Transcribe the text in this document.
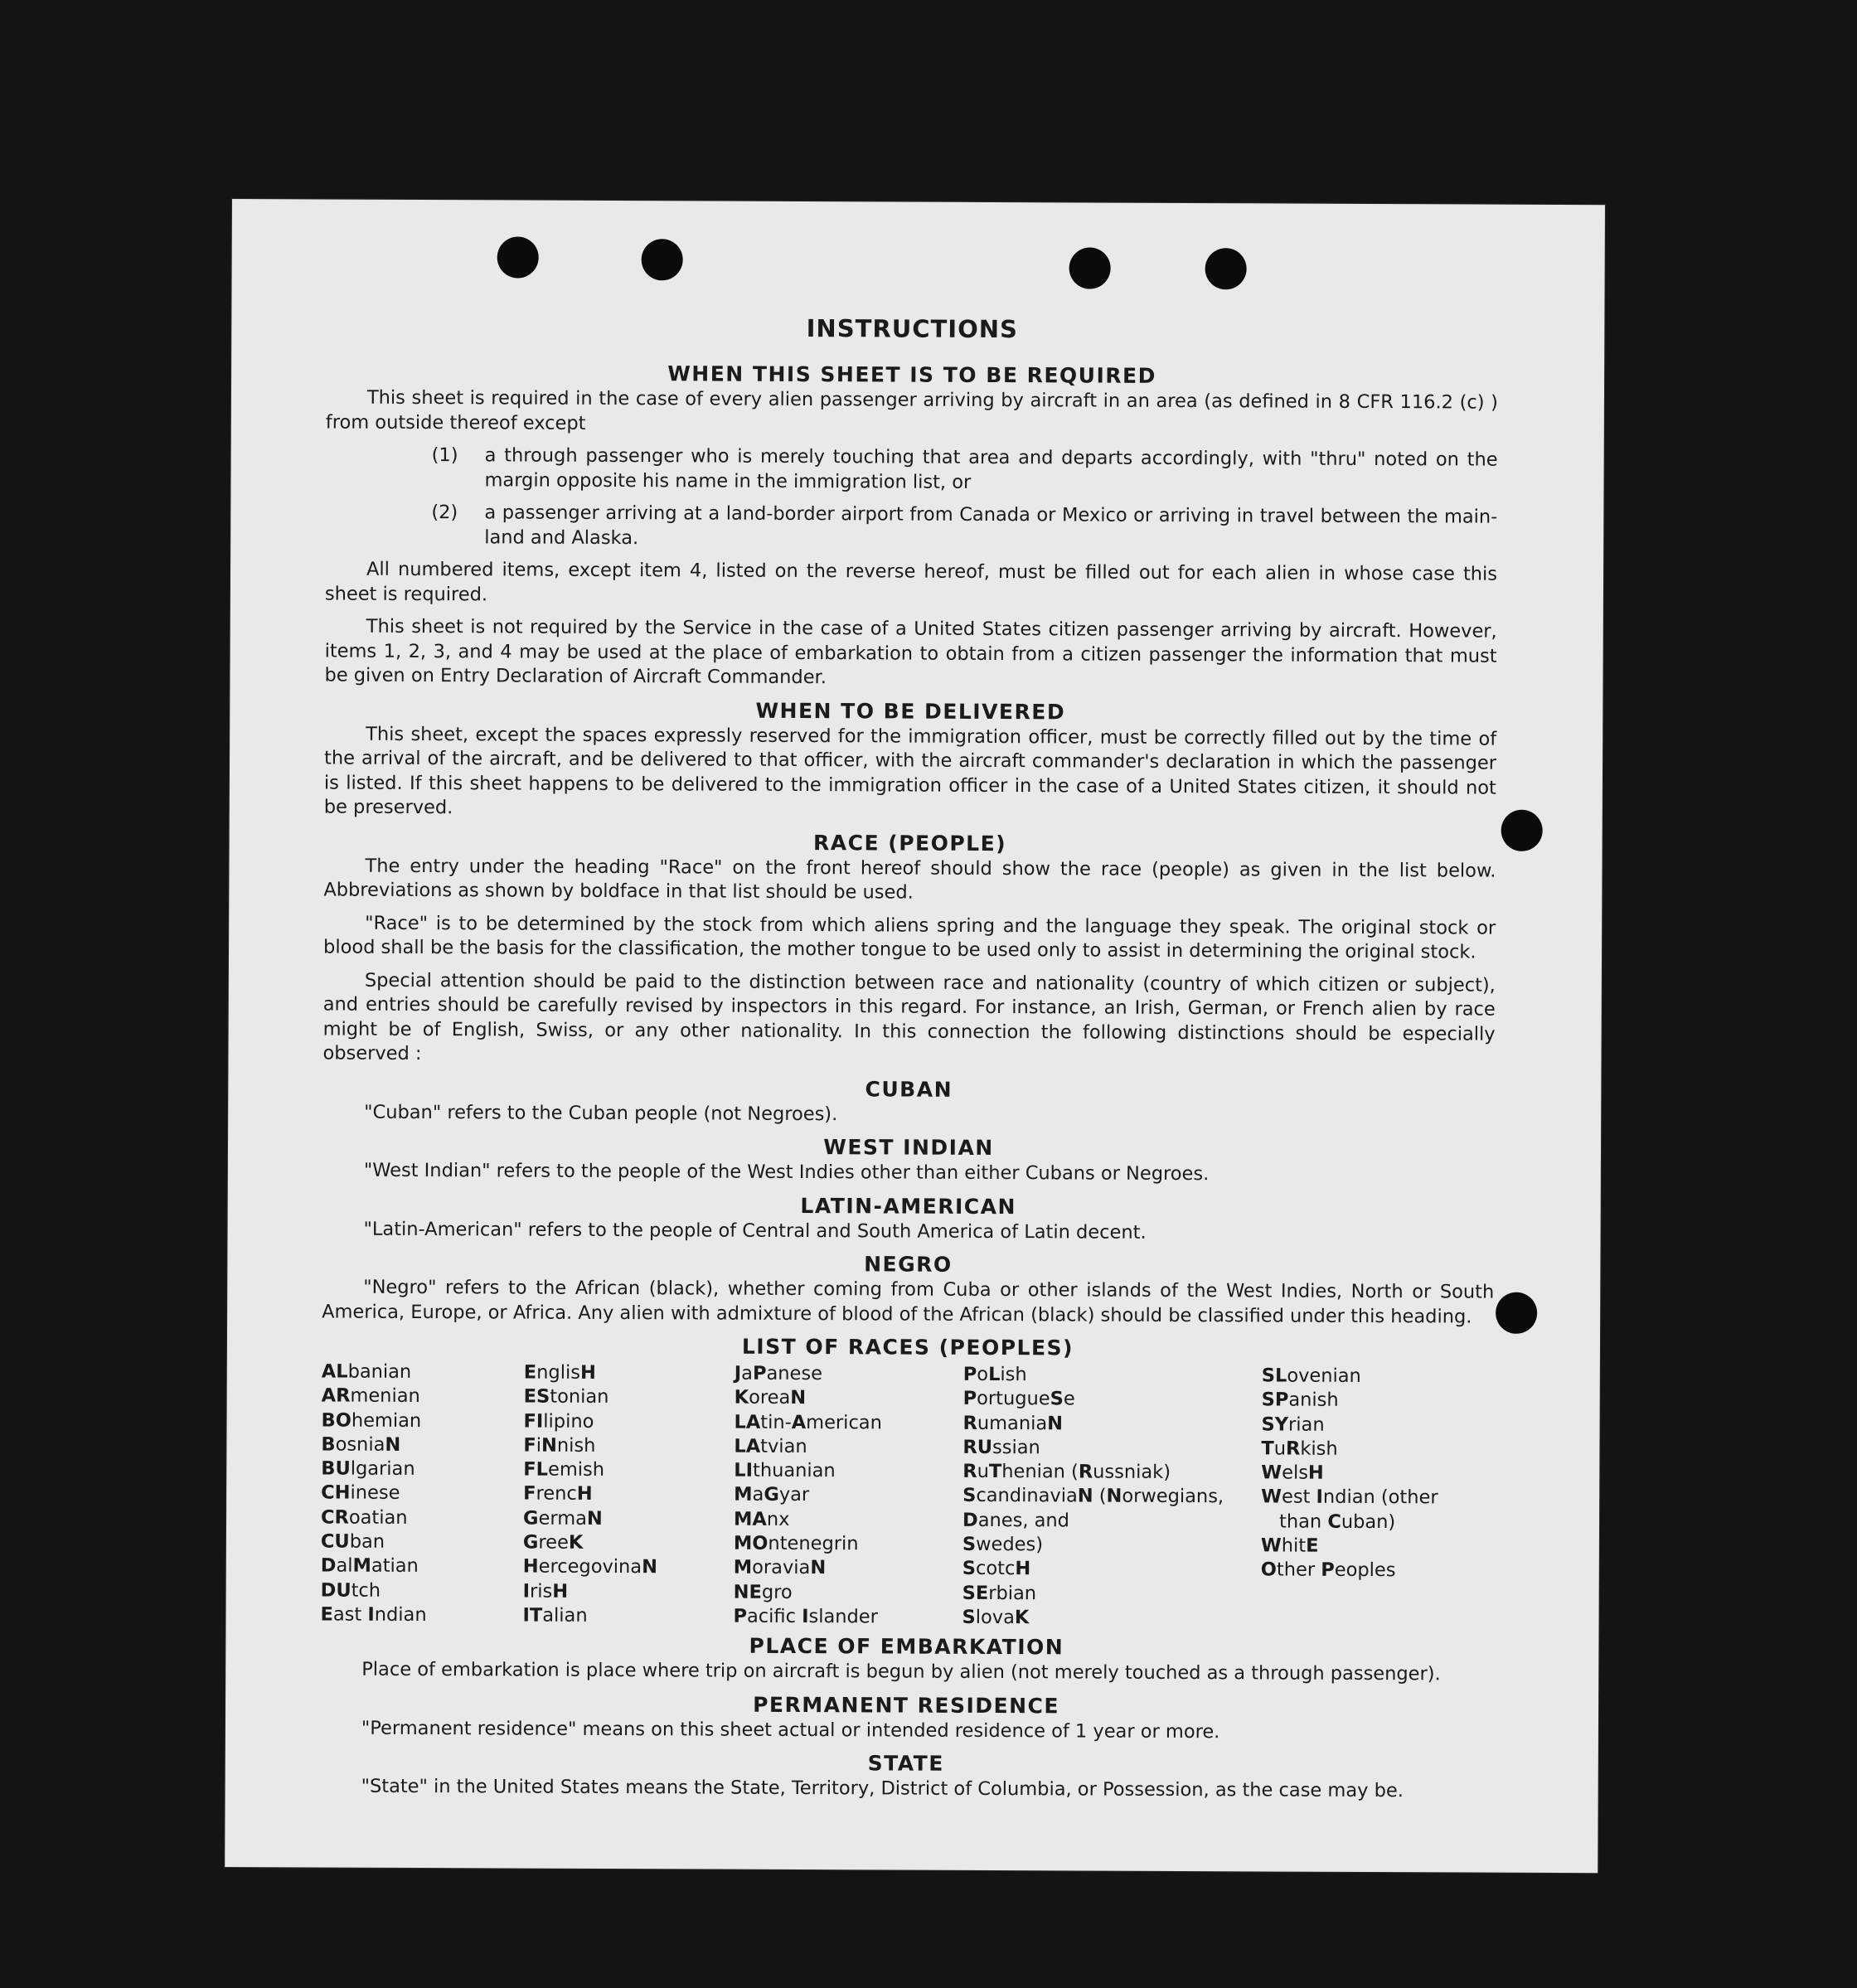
INSTRUCTIONS
WHEN THIS SHEET IS TO BE REQUIRED

This sheet is required in the case of every alien passenger arriving by aircraft in an area (as defined in 8 CFR 116.2 (c) ) from outside thereof except

(1)	a through passenger who is merely touching that area and departs accordingly, with "thru" noted on the margin opposite his name in the immigration list, or
(2)	a passenger arriving at a land-border airport from Canada or Mexico or arriving in travel between the main-land and Alaska.

All numbered items, except item 4, listed on the reverse hereof, must be filled out for each alien in whose case this sheet is required.

This sheet is not required by the Service in the case of a United States citizen passenger arriving by aircraft. However, items 1, 2, 3, and 4 may be used at the place of embarkation to obtain from a citizen passenger the information that must be given on Entry Declaration of Aircraft Commander.

WHEN TO BE DELIVERED

This sheet, except the spaces expressly reserved for the immigration officer, must be correctly filled out by the time of the arrival of the aircraft, and be delivered to that officer, with the aircraft commander's declaration in which the passenger is listed. If this sheet happens to be delivered to the immigration officer in the case of a United States citizen, it should not be preserved.

RACE (PEOPLE)

The entry under the heading "Race" on the front hereof should show the race (people) as given in the list below. Abbreviations as shown by boldface in that list should be used.

"Race" is to be determined by the stock from which aliens spring and the language they speak. The original stock or blood shall be the basis for the classification, the mother tongue to be used only to assist in determining the original stock.

Special attention should be paid to the distinction between race and nationality (country of which citizen or subject), and entries should be carefully revised by inspectors in this regard. For instance, an Irish, German, or French alien by race might be of English, Swiss, or any other nationality. In this connection the following distinctions should be especially observed :

CUBAN

"Cuban" refers to the Cuban people (not Negroes).

WEST INDIAN

"West Indian" refers to the people of the West Indies other than either Cubans or Negroes.

LATIN-AMERICAN

"Latin-American" refers to the people of Central and South America of Latin decent.

NEGRO

"Negro" refers to the African (black), whether coming from Cuba or other islands of the West Indies, North or South America, Europe, or Africa. Any alien with admixture of blood of the African (black) should be classified under this heading.

LIST OF RACES (PEOPLES)
ALbanian
ARmenian
BOhemian
BosniaN
BUlgarian
CHinese
CRoatian
CUban
DalMatian
DUtch
East Indian
EnglisH
EStonian
FIlipino
FiNnish
FLemish
FrencH
GermaN
GreeK
HercegovinaN
IrisH
ITalian
JaPanese
KoreaN
LAtin-American
LAtvian
LIthuanian
MaGyar
MAnx
MOntenegrin
MoraviaN
NEgro
Pacific Islander
PoLish
PortugueSe
RumaniaN
RUssian
RuThenian (Russniak)
ScandinaviaN (Norwegians,
Danes, and
Swedes)
ScotcH
SErbian
SlovaK
SLovenian
SPanish
SYrian
TuRkish
WelsH
West Indian (other
than Cuban)
WhitE
Other Peoples
PLACE OF EMBARKATION

Place of embarkation is place where trip on aircraft is begun by alien (not merely touched as a through passenger).

PERMANENT RESIDENCE

"Permanent residence" means on this sheet actual or intended residence of 1 year or more.

STATE

"State" in the United States means the State, Territory, District of Columbia, or Possession, as the case may be.
